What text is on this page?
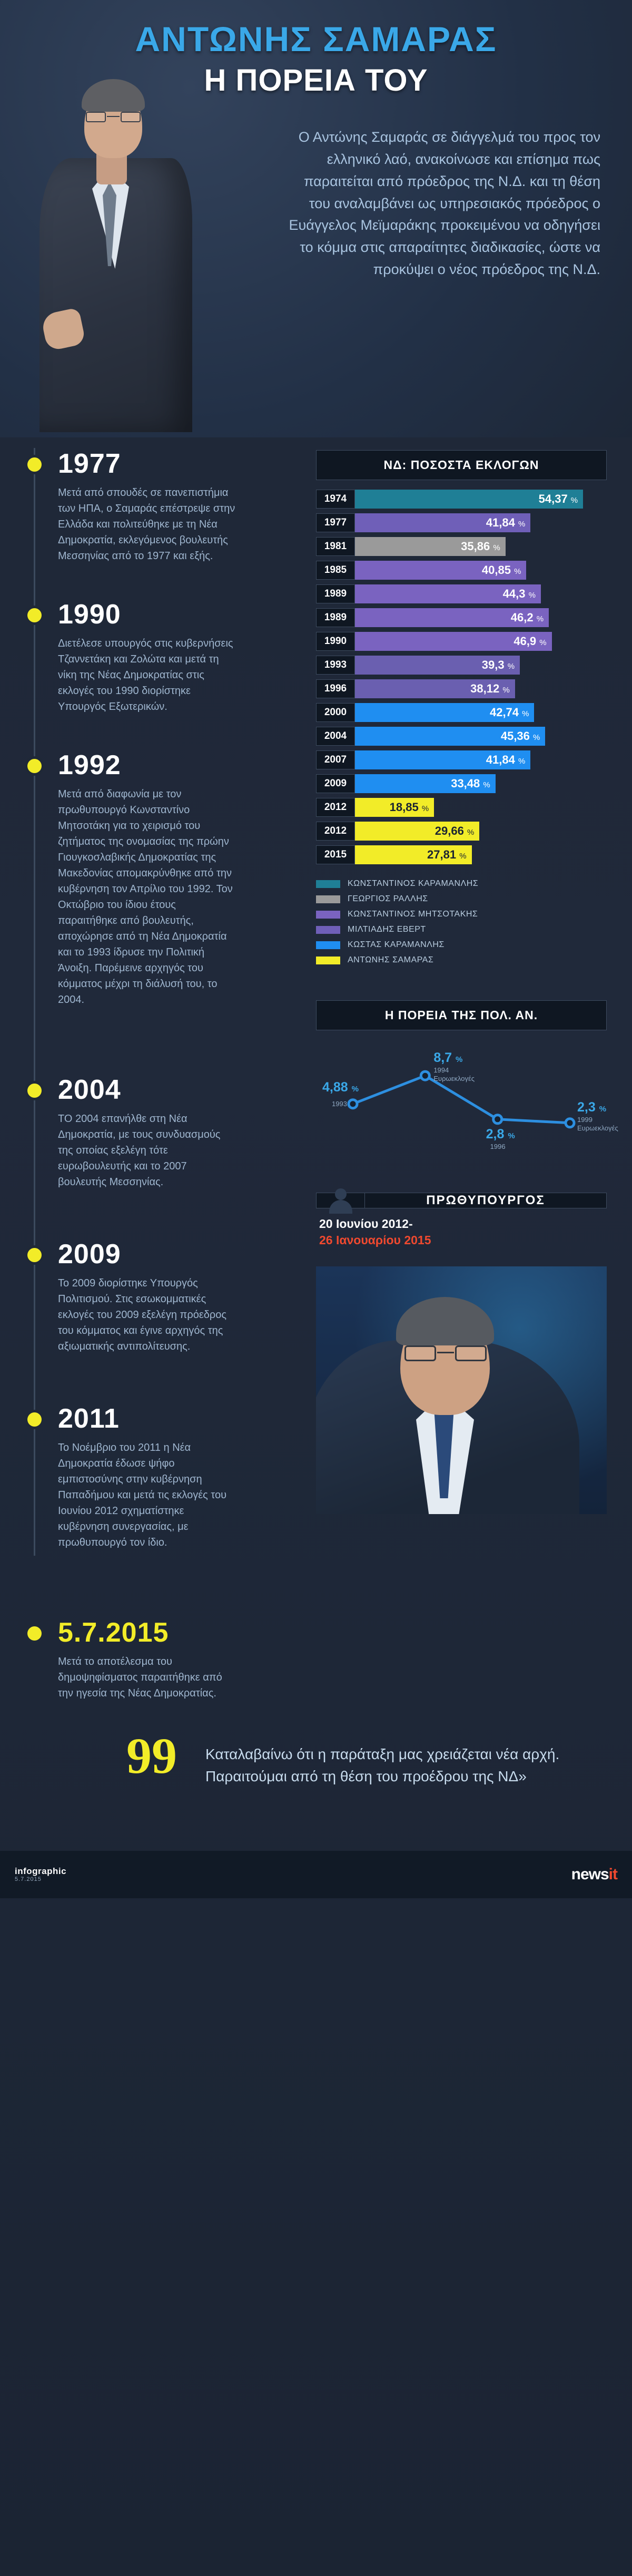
ΑΝΤΩΝΗΣ ΣΑΜΑΡΑΣ
Η ΠΟΡΕΙΑ ΤΟΥ
Ο Αντώνης Σαμαράς σε διάγγελμά του προς τον ελληνικό λαό, ανακοίνωσε και επίσημα πως παραιτείται από πρόεδρος της Ν.Δ. και τη θέση του αναλαμβάνει ως υπηρεσιακός πρόεδρος ο Ευάγγελος Μεϊμαράκης προκειμένου να οδηγήσει το κόμμα στις απαραίτητες διαδικασίες, ώστε να προκύψει ο νέος πρόεδρος της Ν.Δ.
1977
Μετά από σπουδές σε πανεπιστήμια των ΗΠΑ, ο Σαμαράς επέστρεψε στην Ελλάδα και πολιτεύθηκε με τη Νέα Δημοκρατία, εκλεγόμενος βουλευτής Μεσσηνίας από το 1977 και εξής.
1990
Διετέλεσε υπουργός στις κυβερνήσεις Τζαννετάκη και Ζολώτα και μετά τη νίκη της Νέας Δημοκρατίας στις εκλογές του 1990 διορίστηκε Υπουργός Εξωτερικών.
1992
Μετά από διαφωνία με τον πρωθυπουργό Κωνσταντίνο Μητσοτάκη για το χειρισμό του ζητήματος της ονομασίας της πρώην Γιουγκοσλαβικής Δημοκρατίας της Μακεδονίας απομακρύνθηκε από την κυβέρνηση τον Απρίλιο του 1992. Τον Οκτώβριο του ίδιου έτους παραιτήθηκε από βουλευτής, αποχώρησε από τη Νέα Δημοκρατία και το 1993 ίδρυσε την Πολιτική Άνοιξη. Παρέμεινε αρχηγός του κόμματος μέχρι τη διάλυσή του, το 2004.
2004
ΤΟ 2004 επανήλθε στη Νέα Δημοκρατία, με τους συνδυασμούς της οποίας εξελέγη τότε ευρωβουλευτής και το 2007 βουλευτής Μεσσηνίας.
2009
Το 2009 διορίστηκε Υπουργός Πολιτισμού. Στις εσωκομματικές εκλογές του 2009 εξελέγη πρόεδρος του κόμματος και έγινε αρχηγός της αξιωματικής αντιπολίτευσης.
2011
Το Νοέμβριο του 2011 η Νέα Δημοκρατία έδωσε ψήφο εμπιστοσύνης στην κυβέρνηση Παπαδήμου και μετά τις εκλογές του Ιουνίου 2012 σχηματίστηκε κυβέρνηση συνεργασίας, με πρωθυπουργό τον ίδιο.
5.7.2015
Μετά το αποτέλεσμα του δημοψηφίσματος παραιτήθηκε από την ηγεσία της Νέας Δημοκρατίας.
ΝΔ: ΠΟΣΟΣΤΑ ΕΚΛΟΓΩΝ
1974	54,37 %
1977	41,84 %
1981	35,86 %
1985	40,85 %
1989	44,3 %
1989	46,2 %
1990	46,9 %
1993	39,3 %
1996	38,12 %
2000	42,74 %
2004	45,36 %
2007	41,84 %
2009	33,48 %
2012	18,85 %
2012	29,66 %
2015	27,81 %
ΚΩΝΣΤΑΝΤΙΝΟΣ ΚΑΡΑΜΑΝΛΗΣ
ΓΕΩΡΓΙΟΣ ΡΑΛΛΗΣ
ΚΩΝΣΤΑΝΤΙΝΟΣ ΜΗΤΣΟΤΑΚΗΣ
ΜΙΛΤΙΑΔΗΣ ΕΒΕΡΤ
ΚΩΣΤΑΣ ΚΑΡΑΜΑΝΛΗΣ
ΑΝΤΩΝΗΣ ΣΑΜΑΡΑΣ
Η ΠΟΡΕΙΑ ΤΗΣ ΠΟΛ. ΑΝ.
4,88 %
1993
8,7 %
1994
Ευρωεκλογές
2,8 %
1996
2,3 %
1999
Ευρωεκλογές
ΠΡΩΘΥΠΟΥΡΓΟΣ
20 Ιουνίου 2012-
26 Ιανουαρίου 2015
99 Καταλαβαίνω ότι η παράταξη μας χρειάζεται νέα αρχή. Παραιτούμαι από τη θέση του προέδρου της ΝΔ»
infographic
5.7.2015	newsit
